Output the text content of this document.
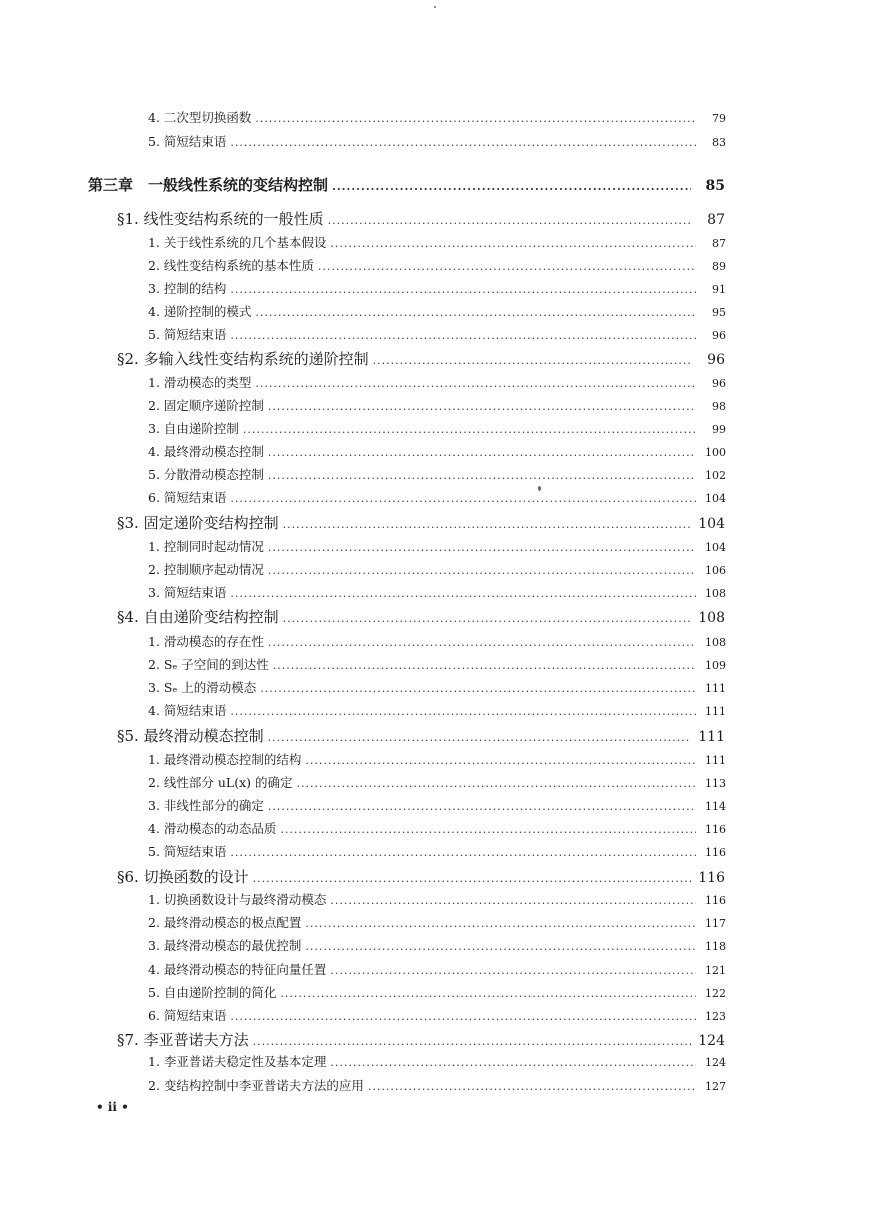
4. 二次型切换函数 .....	79
5. 简短结束语 .....	83
第三章　一般线性系统的变结构控制 .....	85
§1. 线性变结构系统的一般性质 .....	87
1. 关于线性系统的几个基本假设 .....	87
2. 线性变结构系统的基本性质 .....	89
3. 控制的结构 .....	91
4. 递阶控制的模式 .....	95
5. 简短结束语 .....	96
§2. 多输入线性变结构系统的递阶控制 .....	96
1. 滑动模态的类型 .....	96
2. 固定顺序递阶控制 .....	98
3. 自由递阶控制 .....	99
4. 最终滑动模态控制 .....	100
5. 分散滑动模态控制 .....	102
6. 简短结束语 .....	104
§3. 固定递阶变结构控制 .....	104
1. 控制同时起动情况 .....	104
2. 控制顺序起动情况 .....	106
3. 简短结束语 .....	108
§4. 自由递阶变结构控制 .....	108
1. 滑动模态的存在性 .....	108
2. Sₑ 子空间的到达性 .....	109
3. Sₑ 上的滑动模态 .....	111
4. 简短结束语 .....	111
§5. 最终滑动模态控制 .....	111
1. 最终滑动模态控制的结构 .....	111
2. 线性部分 uL(x) 的确定 .....	113
3. 非线性部分的确定 .....	114
4. 滑动模态的动态品质 .....	116
5. 简短结束语 .....	116
§6. 切换函数的设计 .....	116
1. 切换函数设计与最终滑动模态 .....	116
2. 最终滑动模态的极点配置 .....	117
3. 最终滑动模态的最优控制 .....	118
4. 最终滑动模态的特征向量任置 .....	121
5. 自由递阶控制的简化 .....	122
6. 简短结束语 .....	123
§7. 李亚普诺夫方法 .....	124
1. 李亚普诺夫稳定性及基本定理 .....	124
2. 变结构控制中李亚普诺夫方法的应用 .....	127
• ii •
